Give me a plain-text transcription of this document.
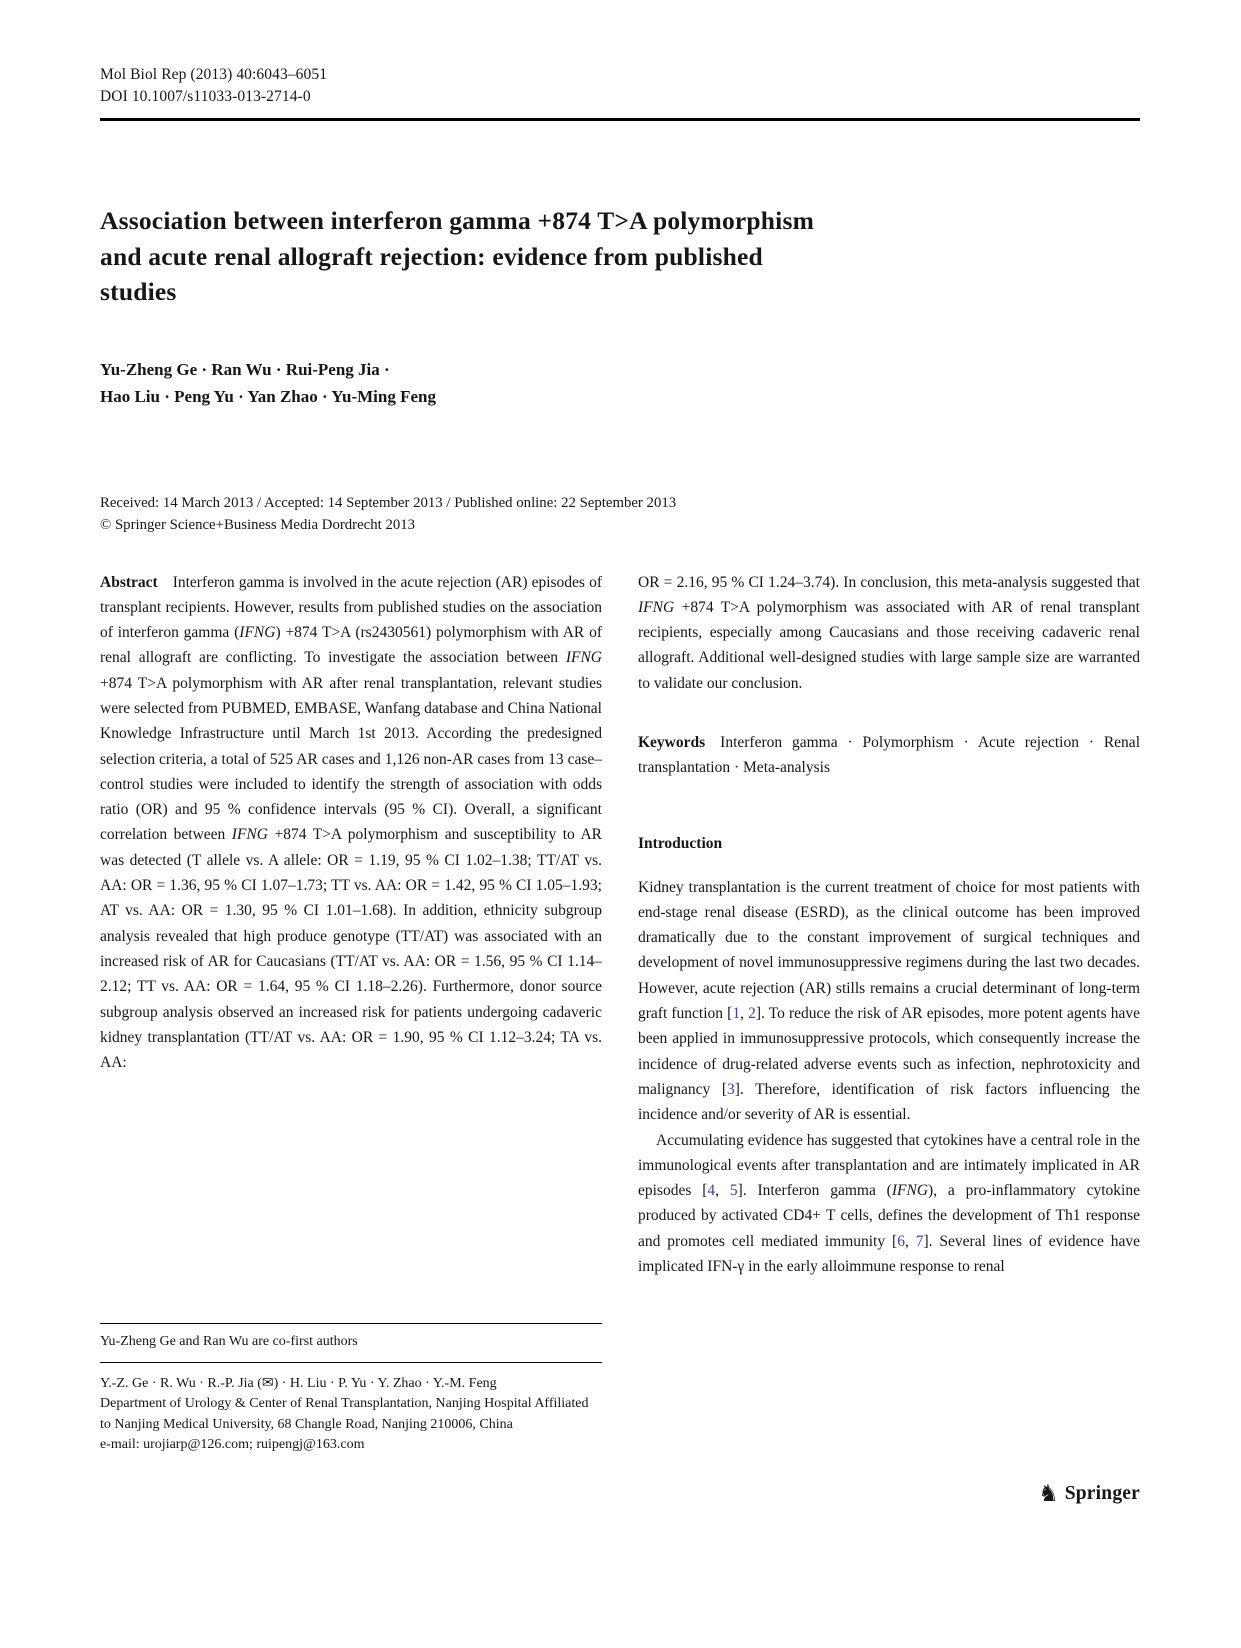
Mol Biol Rep (2013) 40:6043–6051
DOI 10.1007/s11033-013-2714-0
Association between interferon gamma +874 T>A polymorphism
and acute renal allograft rejection: evidence from published
studies
Yu-Zheng Ge · Ran Wu · Rui-Peng Jia ·
Hao Liu · Peng Yu · Yan Zhao · Yu-Ming Feng
Received: 14 March 2013 / Accepted: 14 September 2013 / Published online: 22 September 2013
© Springer Science+Business Media Dordrecht 2013

Abstract Interferon gamma is involved in the acute rejection (AR) episodes of transplant recipients. However, results from published studies on the association of interferon gamma (IFNG) +874 T>A (rs2430561) polymorphism with AR of renal allograft are conflicting. To investigate the association between IFNG +874 T>A polymorphism with AR after renal transplantation, relevant studies were selected from PUBMED, EMBASE, Wanfang database and China National Knowledge Infrastructure until March 1st 2013. According the predesigned selection criteria, a total of 525 AR cases and 1,126 non-AR cases from 13 case–control studies were included to identify the strength of association with odds ratio (OR) and 95 % confidence intervals (95 % CI). Overall, a significant correlation between IFNG +874 T>A polymorphism and susceptibility to AR was detected (T allele vs. A allele: OR = 1.19, 95 % CI 1.02–1.38; TT/AT vs. AA: OR = 1.36, 95 % CI 1.07–1.73; TT vs. AA: OR = 1.42, 95 % CI 1.05–1.93; AT vs. AA: OR = 1.30, 95 % CI 1.01–1.68). In addition, ethnicity subgroup analysis revealed that high produce genotype (TT/AT) was associated with an increased risk of AR for Caucasians (TT/AT vs. AA: OR = 1.56, 95 % CI 1.14–2.12; TT vs. AA: OR = 1.64, 95 % CI 1.18–2.26). Furthermore, donor source subgroup analysis observed an increased risk for patients undergoing cadaveric kidney transplantation (TT/AT vs. AA: OR = 1.90, 95 % CI 1.12–3.24; TA vs. AA:

Yu-Zheng Ge and Ran Wu are co-first authors

Y.-Z. Ge · R. Wu · R.-P. Jia (✉) · H. Liu · P. Yu · Y. Zhao · Y.-M. Feng

Department of Urology & Center of Renal Transplantation, Nanjing Hospital Affiliated to Nanjing Medical University, 68 Changle Road, Nanjing 210006, China

e-mail: urojiarp@126.com; ruipengj@163.com

OR = 2.16, 95 % CI 1.24–3.74). In conclusion, this meta-analysis suggested that IFNG +874 T>A polymorphism was associated with AR of renal transplant recipients, especially among Caucasians and those receiving cadaveric renal allograft. Additional well-designed studies with large sample size are warranted to validate our conclusion.

Keywords Interferon gamma · Polymorphism · Acute rejection · Renal transplantation · Meta-analysis

Introduction

Kidney transplantation is the current treatment of choice for most patients with end-stage renal disease (ESRD), as the clinical outcome has been improved dramatically due to the constant improvement of surgical techniques and development of novel immunosuppressive regimens during the last two decades. However, acute rejection (AR) stills remains a crucial determinant of long-term graft function [1, 2]. To reduce the risk of AR episodes, more potent agents have been applied in immunosuppressive protocols, which consequently increase the incidence of drug-related adverse events such as infection, nephrotoxicity and malignancy [3]. Therefore, identification of risk factors influencing the incidence and/or severity of AR is essential.

Accumulating evidence has suggested that cytokines have a central role in the immunological events after transplantation and are intimately implicated in AR episodes [4, 5]. Interferon gamma (IFNG), a pro-inflammatory cytokine produced by activated CD4+ T cells, defines the development of Th1 response and promotes cell mediated immunity [6, 7]. Several lines of evidence have implicated IFN-γ in the early alloimmune response to renal

♞ Springer
